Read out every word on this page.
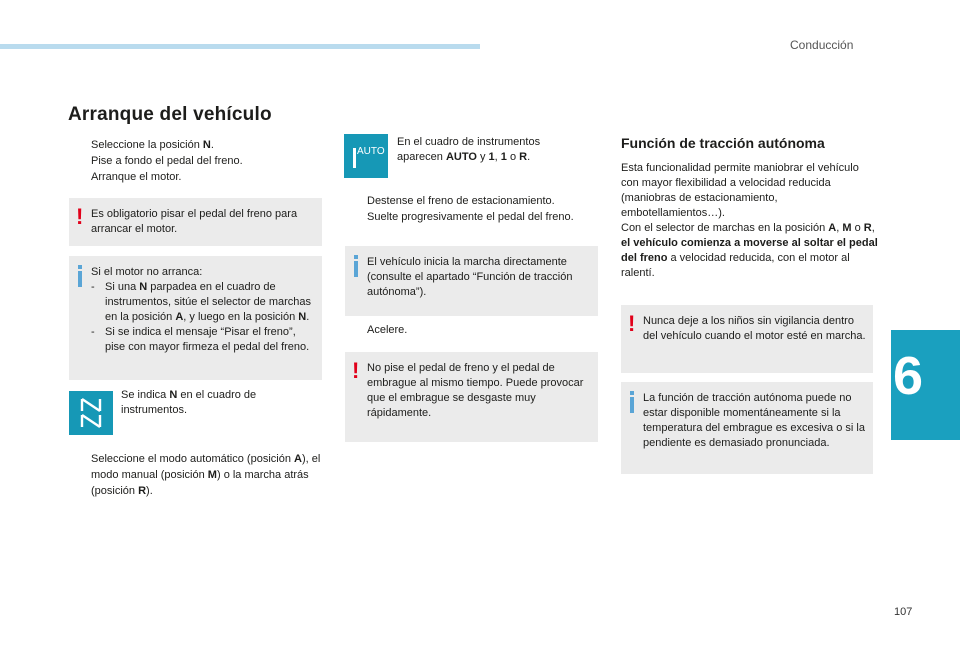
Conducción
6
107
Arranque del vehículo
Seleccione la posición N.
Pise a fondo el pedal del freno.
Arranque el motor.
! Es obligatorio pisar el pedal del freno para arrancar el motor.
Si el motor no arranca:
- Si una N parpadea en el cuadro de instrumentos, sitúe el selector de marchas en la posición A, y luego en la posición N.
- Si se indica el mensaje “Pisar el freno”, pise con mayor firmeza el pedal del freno.
Se indica N en el cuadro de instrumentos.
Seleccione el modo automático (posición A), el modo manual (posición M) o la marcha atrás (posición R).
AUTO
En el cuadro de instrumentos aparecen AUTO y 1, 1 o R.
Destense el freno de estacionamiento.
Suelte progresivamente el pedal del freno.
El vehículo inicia la marcha directamente (consulte el apartado “Función de tracción autónoma”).
Acelere.
! No pise el pedal de freno y el pedal de embrague al mismo tiempo. Puede provocar que el embrague se desgaste muy rápidamente.
Función de tracción autónoma
Esta funcionalidad permite maniobrar el vehículo con mayor flexibilidad a velocidad reducida (maniobras de estacionamiento, embotellamientos…).
Con el selector de marchas en la posición A, M o R, el vehículo comienza a moverse al soltar el pedal del freno a velocidad reducida, con el motor al ralentí.
! Nunca deje a los niños sin vigilancia dentro del vehículo cuando el motor esté en marcha.
La función de tracción autónoma puede no estar disponible momentáneamente si la temperatura del embrague es excesiva o si la pendiente es demasiado pronunciada.
